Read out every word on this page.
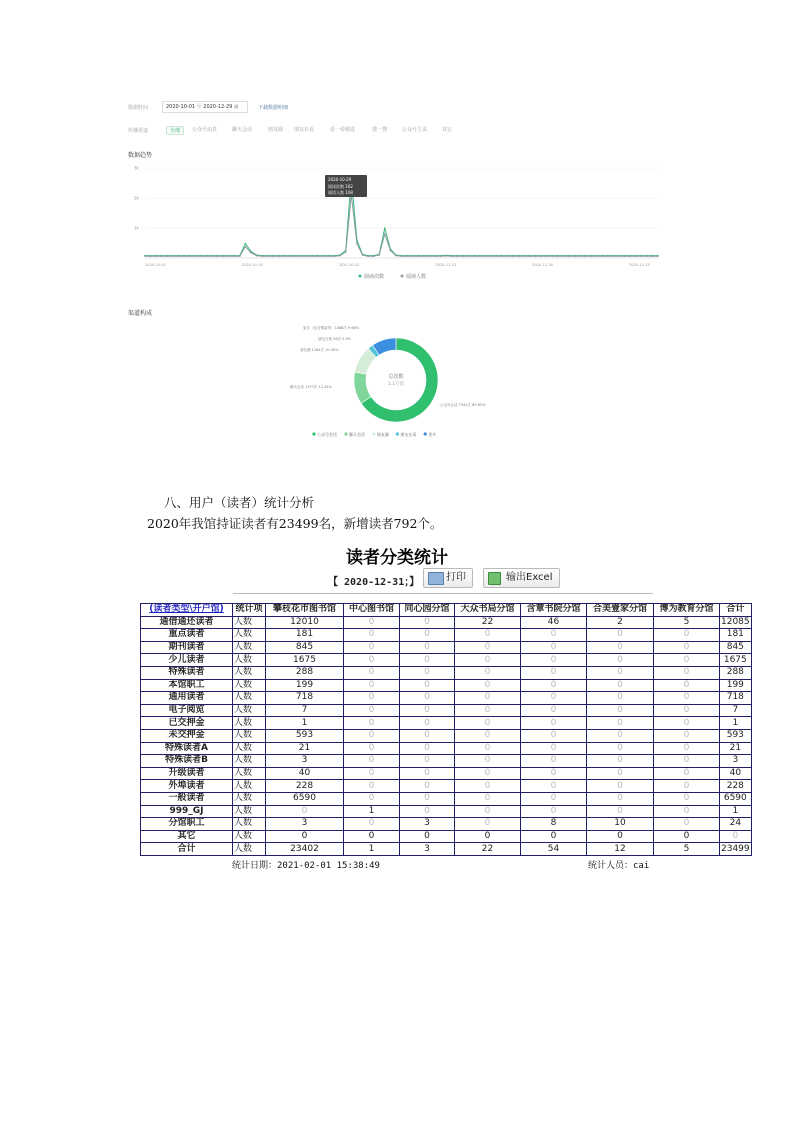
数据时间	2020-10-01 至 2020-12-29 ▦	下载数据明细
传播渠道	全部	公众号消息	聊天会话	朋友圈 朋友在看	看一看精选	搜一搜	公众号主页	其它
数据趋势
3k
2k
1k
2020-10-01	2020-10-16	2020-10-31	2020-11-15	2020-11-30	2020-12-15
2020-10-29
阅读次数 162
阅读人数 108
阅读次数	阅读人数
渠道构成
总次数
1.1万次
更多（包含搜索等）1068次 9.66%
朋友在看 26次 0.3%
朋友圈 1164次 10.49%
聊天会话 1377次 12.44%
公众号会话 7441次 65.62%
公众号会话	聊天会话	朋友圈	朋友在看	更多
八、用户（读者）统计分析
2020年我馆持证读者有23499名，新增读者792个。
读者分类统计
【 2020-12-31；】	打印	输出Excel
(读者类型\开户馆)	统计项	攀枝花市图书馆	中心图书馆	同心园分馆	大众书局分馆	含章书院分馆	合美壹家分馆	博为教育分馆	合计
通借通还读者	人数	12010	0	0	22	46	2	5	12085
重点读者	人数	181	0	0	0	0	0	0	181
期刊读者	人数	845	0	0	0	0	0	0	845
少儿读者	人数	1675	0	0	0	0	0	0	1675
特殊读者	人数	288	0	0	0	0	0	0	288
本馆职工	人数	199	0	0	0	0	0	0	199
通用读者	人数	718	0	0	0	0	0	0	718
电子阅览	人数	7	0	0	0	0	0	0	7
已交押金	人数	1	0	0	0	0	0	0	1
未交押金	人数	593	0	0	0	0	0	0	593
特殊读者A	人数	21	0	0	0	0	0	0	21
特殊读者B	人数	3	0	0	0	0	0	0	3
升级读者	人数	40	0	0	0	0	0	0	40
外埠读者	人数	228	0	0	0	0	0	0	228
一般读者	人数	6590	0	0	0	0	0	0	6590
999_GJ	人数	0	1	0	0	0	0	0	1
分馆职工	人数	3	0	3	0	8	10	0	24
其它	人数	0	0	0	0	0	0	0	0
合计	人数	23402	1	3	22	54	12	5	23499
统计日期：2021-02-01 15:38:49	统计人员：cai
